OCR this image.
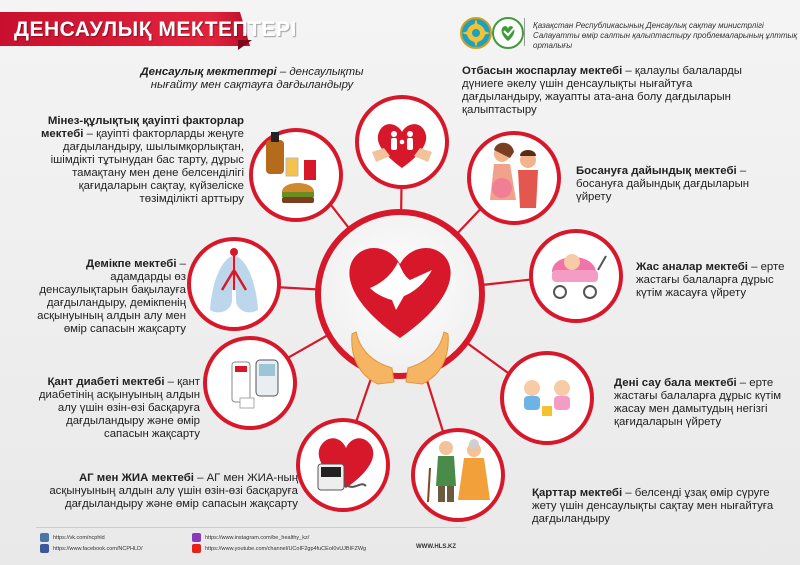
ДЕНСАУЛЫҚ МЕКТЕПТЕРІ	Қазақстан Республикасының Денсаулық сақтау министрлігі
Салауатты өмір салтын қалыптастыру проблемаларының ұлттық орталығы
Денсаулық мектептері – денсаулықты нығайту мен сақтауға дағдыландыру
Отбасын жоспарлау мектебі – қалаулы балаларды дүниеге әкелу үшін денсаулықты нығайтуға дағдыландыру, жауапты ата-ана болу дағдыларын қалыптастыру
Босануға дайындық мектебі – босануға дайындық дағдыларын үйрету
Жас аналар мектебі – ерте жастағы балаларға дұрыс күтім жасауға үйрету
Дені сау бала мектебі – ерте жастағы балаларға дұрыс күтім жасау мен дамытудың негізгі қағидаларын үйрету
Қарттар мектебі – белсенді ұзақ өмір сүруге жету үшін денсаулықты сақтау мен нығайтуға дағдыландыру
АГ мен ЖИА мектебі – АГ мен ЖИА-ның асқынуының алдын алу үшін өзін-өзі басқаруға дағдыландыру және өмір сапасын жақсарту
Қант диабеті мектебі – қант диабетінің асқынуының алдын алу үшін өзін-өзі басқаруға дағдыландыру және өмір сапасын жақсарту
Демікпе мектебі – адамдарды өз денсаулықтарын бақылауға дағдыландыру, демікпенің асқынуының алдын алу мен өмір сапасын жақсарту
Мінез-құлықтық қауіпті факторлар мектебі – қауіпті факторларды жеңуге дағдыландыру, шылымқорлықтан, ішімдікті тұтынудан бас тарту, дұрыс тамақтану мен дене белсенділігі қағидаларын сақтау, күйзеліске төзімділікті арттыру
https://vk.com/ncphld
https://www.facebook.com/NCPHLD/
https://www.instagram.com/be_healthy_kz/
https://www.youtube.com/channel/UCoIF2gp4fuCEoI0vUJBIFZWg	WWW.HLS.KZ
